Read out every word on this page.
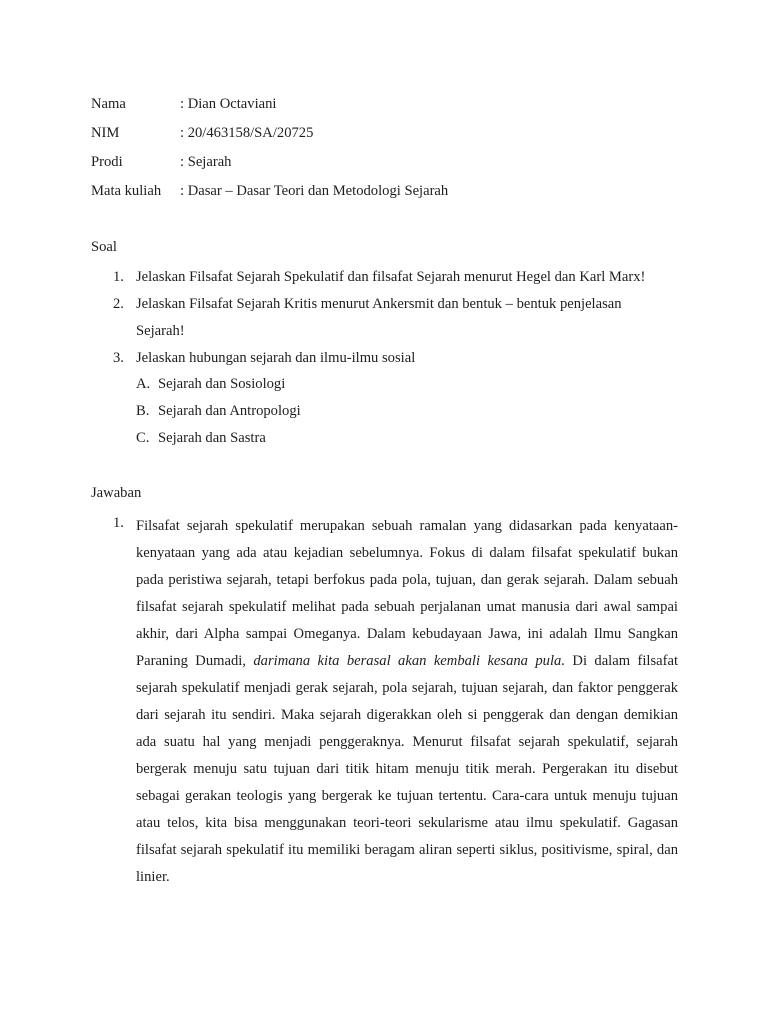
Nama	: Dian Octaviani
NIM	: 20/463158/SA/20725
Prodi	: Sejarah
Mata kuliah : Dasar – Dasar Teori dan Metodologi Sejarah
Soal
1. Jelaskan Filsafat Sejarah Spekulatif dan filsafat Sejarah menurut Hegel dan Karl Marx!
2. Jelaskan Filsafat Sejarah Kritis menurut Ankersmit dan bentuk – bentuk penjelasan
Sejarah!
3. Jelaskan hubungan sejarah dan ilmu-ilmu sosial
A. Sejarah dan Sosiologi
B. Sejarah dan Antropologi
C. Sejarah dan Sastra
Jawaban
1. Filsafat sejarah spekulatif merupakan sebuah ramalan yang didasarkan pada kenyataan-kenyataan yang ada atau kejadian sebelumnya. Fokus di dalam filsafat spekulatif bukan pada peristiwa sejarah, tetapi berfokus pada pola, tujuan, dan gerak sejarah. Dalam sebuah filsafat sejarah spekulatif melihat pada sebuah perjalanan umat manusia dari awal sampai akhir, dari Alpha sampai Omeganya. Dalam kebudayaan Jawa, ini adalah Ilmu Sangkan Paraning Dumadi, darimana kita berasal akan kembali kesana pula. Di dalam filsafat sejarah spekulatif menjadi gerak sejarah, pola sejarah, tujuan sejarah, dan faktor penggerak dari sejarah itu sendiri. Maka sejarah digerakkan oleh si penggerak dan dengan demikian ada suatu hal yang menjadi penggeraknya. Menurut filsafat sejarah spekulatif, sejarah bergerak menuju satu tujuan dari titik hitam menuju titik merah. Pergerakan itu disebut sebagai gerakan teologis yang bergerak ke tujuan tertentu. Cara-cara untuk menuju tujuan atau telos, kita bisa menggunakan teori-teori sekularisme atau ilmu spekulatif. Gagasan filsafat sejarah spekulatif itu memiliki beragam aliran seperti siklus, positivisme, spiral, dan linier.
